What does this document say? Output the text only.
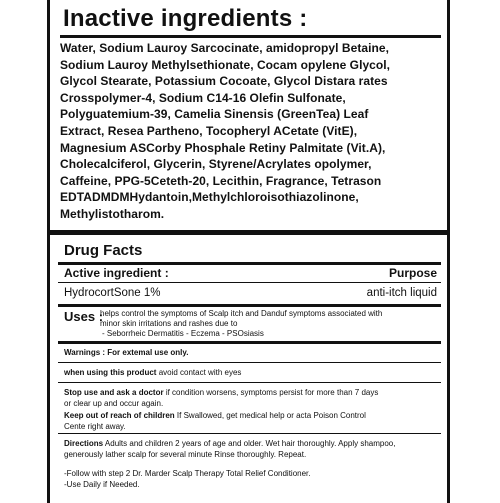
Inactive ingredients :
Water, Sodium Lauroy Sarcocinate, amidopropyl Betaine,
Sodium Lauroy Methylsethionate, Cocam opylene Glycol,
Glycol Stearate, Potassium Cocoate, Glycol Distara rates
Crosspolymer-4, Sodium C14-16 Olefin Sulfonate,
Polyguatemium-39, Camelia Sinensis (GreenTea) Leaf
Extract, Resea Partheno, Tocopheryl ACetate (VitE),
Magnesium ASCorby Phosphale Retiny Palmitate (Vit.A),
Cholecalciferol, Glycerin, Styrene/Acrylates opolymer,
Caffeine, PPG-5Ceteth-20, Lecithin, Fragrance, Tetrason
EDTADMDMHydantoin,Methylchloroisothiazolinone,
Methylistotharom.
Drug Facts
Active ingredient :	Purpose
HydrocortSone 1%	anti-itch liquid
Uses :
helps control the symptoms of Scalp itch and Danduf symptoms associated with
minor skin irritations and rashes due to
- Seborrheic Dermatitis - Eczema - PSOsiasis
Warnings : For extemal use only.
when using this product avoid contact with eyes
Stop use and ask a doctor if condition worsens, symptoms persist for more than 7 days
or clear up and occur again.
Keep out of reach of children If Swallowed, get medical help or acta Poison Control
Cente right away.
Directions Adults and children 2 years of age and older. Wet hair thoroughly. Apply shampoo,
generously lather scalp for several minute Rinse thoroughly. Repeat.
-Follow with step 2 Dr. Marder Scalp Therapy Total Relief Conditioner.
-Use Daily if Needed.
